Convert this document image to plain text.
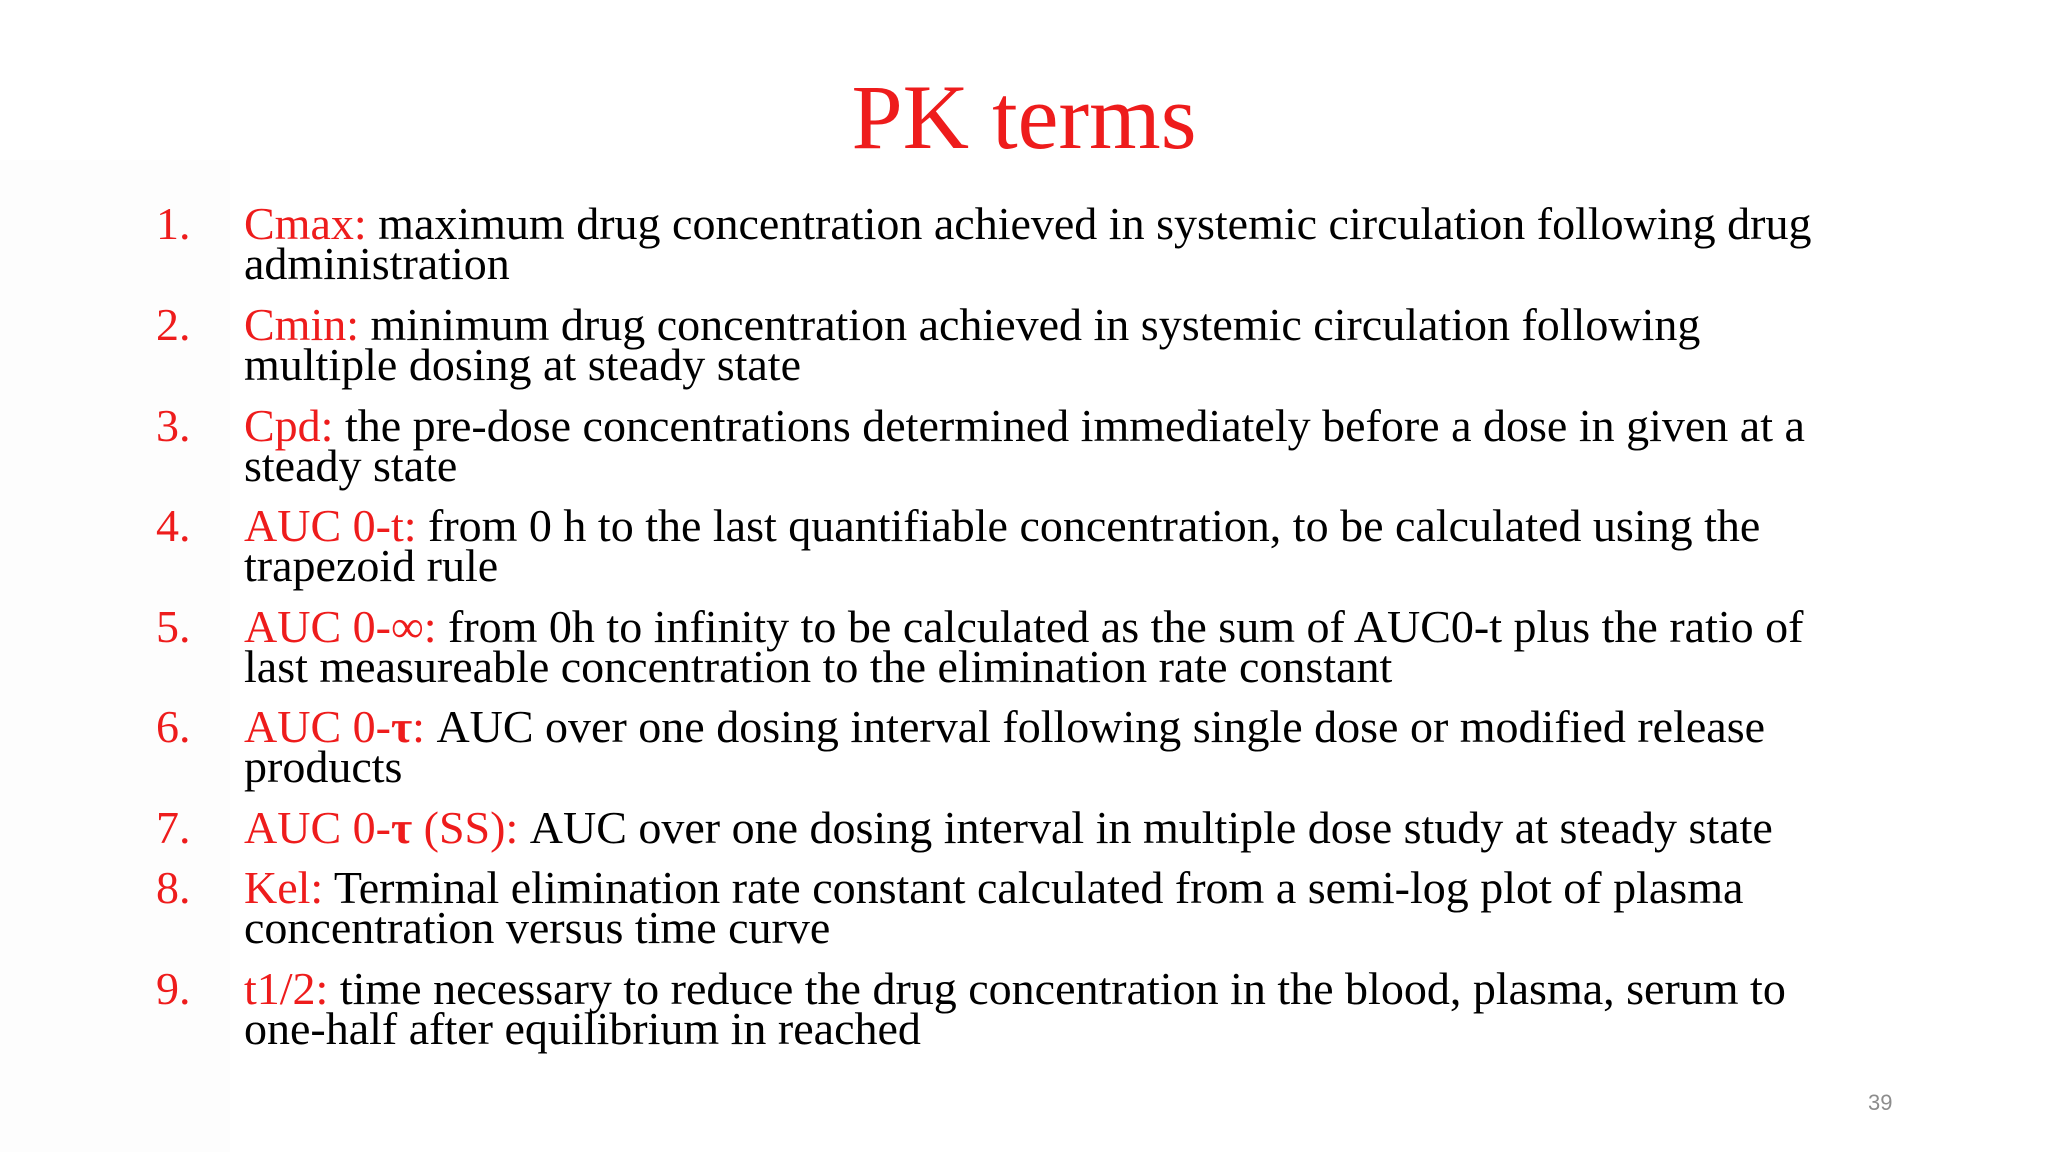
PK terms
1. Cmax: maximum drug concentration achieved in systemic circulation following drug
administration
2. Cmin: minimum drug concentration achieved in systemic circulation following
multiple dosing at steady state
3. Cpd: the pre-dose concentrations determined immediately before a dose in given at a
steady state
4. AUC 0-t: from 0 h to the last quantifiable concentration, to be calculated using the
trapezoid rule
5. AUC 0-∞: from 0h to infinity to be calculated as the sum of AUC0-t plus the ratio of
last measureable concentration to the elimination rate constant
6. AUC 0-τ: AUC over one dosing interval following single dose or modified release
products
7. AUC 0-τ (SS): AUC over one dosing interval in multiple dose study at steady state
8. Kel: Terminal elimination rate constant calculated from a semi-log plot of plasma
concentration versus time curve
9. t1/2: time necessary to reduce the drug concentration in the blood, plasma, serum to
one-half after equilibrium in reached
39
